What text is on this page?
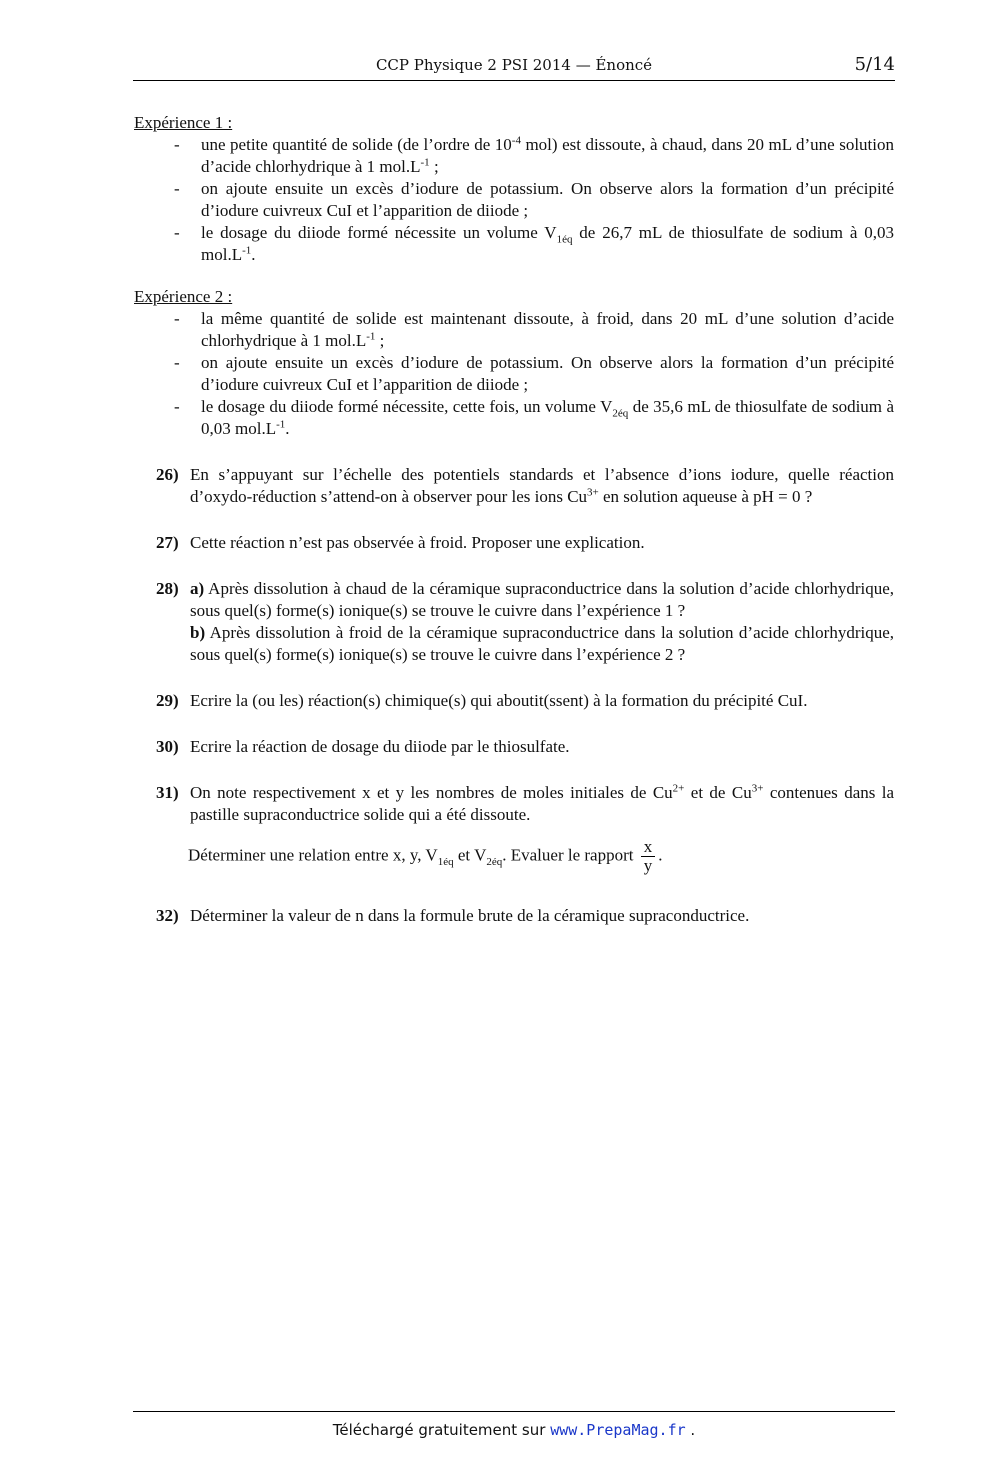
CCP Physique 2 PSI 2014 — Énoncé	5/14

Expérience 1 :

- une petite quantité de solide (de l’ordre de $10^{-4}$ mol) est dissoute, à chaud, dans 20 mL d’une solution d’acide chlorhydrique à 1 $mol.L^{-1}$ ;
- on ajoute ensuite un excès d’iodure de potassium. On observe alors la formation d’un précipité d’iodure cuivreux CuI et l’apparition de diiode ;
- le dosage du diiode formé nécessite un volume $V_{1éq}$ de 26,7 mL de thiosulfate de sodium à 0,03 $mol.L^{-1}$.

Expérience 2 :

- la même quantité de solide est maintenant dissoute, à froid, dans 20 mL d’une solution d’acide chlorhydrique à 1 $mol.L^{-1}$ ;
- on ajoute ensuite un excès d’iodure de potassium. On observe alors la formation d’un précipité d’iodure cuivreux CuI et l’apparition de diiode ;
- le dosage du diiode formé nécessite, cette fois, un volume $V_{2éq}$ de 35,6 mL de thiosulfate de sodium à 0,03 $mol.L^{-1}$.
26) En s’appuyant sur l’échelle des potentiels standards et l’absence d’ions iodure, quelle réaction d’oxydo-réduction s’attend-on à observer pour les ions $Cu^{3+}$ en solution aqueuse à pH = 0 ?
27) Cette réaction n’est pas observée à froid. Proposer une explication.
28) a) Après dissolution à chaud de la céramique supraconductrice dans la solution d’acide chlorhydrique, sous quel(s) forme(s) ionique(s) se trouve le cuivre dans l’expérience 1 ?
b) Après dissolution à froid de la céramique supraconductrice dans la solution d’acide chlorhydrique, sous quel(s) forme(s) ionique(s) se trouve le cuivre dans l’expérience 2 ?
29) Ecrire la (ou les) réaction(s) chimique(s) qui aboutit(ssent) à la formation du précipité CuI.
30) Ecrire la réaction de dosage du diiode par le thiosulfate.
31) On note respectivement x et y les nombres de moles initiales de $Cu^{2+}$ et de $Cu^{3+}$ contenues dans la pastille supraconductrice solide qui a été dissoute.
Déterminer une relation entre x, y, $V_{1éq}$ et $V_{2éq}$. Evaluer le rapport $\frac{x}{y}$ .
32) Déterminer la valeur de n dans la formule brute de la céramique supraconductrice.
Téléchargé gratuitement sur www.PrepaMag.fr .
